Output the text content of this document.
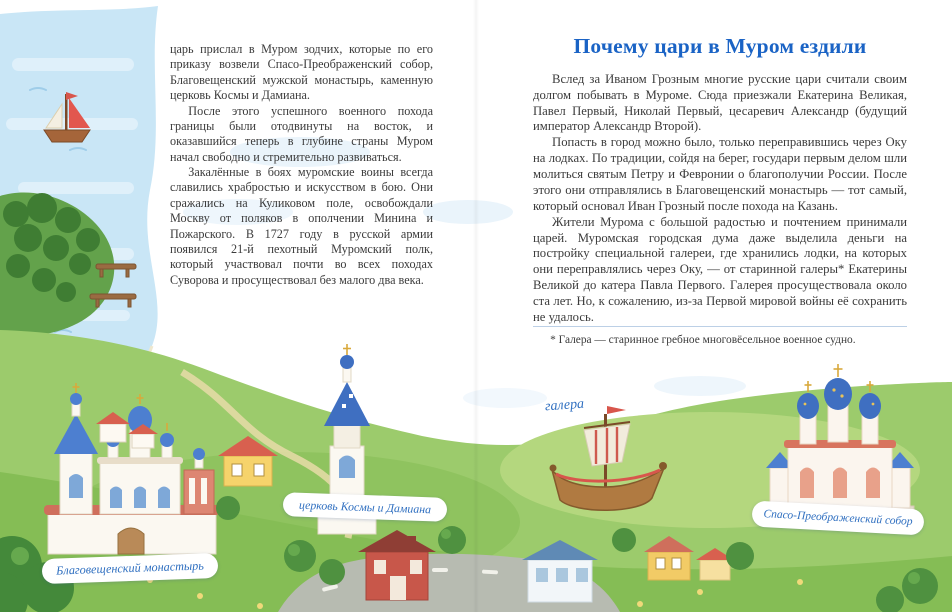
царь прислал в Муром зодчих, которые по его приказу возвели Спасо-Преображенский собор, Благовещенский мужской монастырь, каменную церковь Космы и Дамиана.

После этого успешного военного похода границы были отодвинуты на восток, и оказавшийся теперь в глубине страны Муром начал свободно и стремительно развиваться.

Закалённые в боях муромские воины всегда славились храбростью и искусством в бою. Они сражались на Куликовом поле, освобождали Москву от поляков в ополчении Минина и Пожарского. В 1727 году в русской армии появился 21-й пехотный Муромский полк, который участвовал почти во всех походах Суворова и просуществовал без малого два века.

Почему цари в Муром ездили

Вслед за Иваном Грозным многие русские цари считали своим долгом побывать в Муроме. Сюда приезжали Екатерина Великая, Павел Первый, Николай Первый, цесаревич Александр (будущий император Александр Второй).

Попасть в город можно было, только переправившись через Оку на лодках. По традиции, сойдя на берег, государи первым делом шли молиться святым Петру и Февронии о благополучии России. После этого они отправлялись в Благовещенский монастырь — тот самый, который основал Иван Грозный после похода на Казань.

Жители Мурома с большой радостью и почтением принимали царей. Муромская городская дума даже выделила деньги на постройку специальной галереи, где хранились лодки, на которых они переправлялись через Оку, — от старинной галеры* Екатерины Великой до катера Павла Первого. Галерея просуществовала около ста лет. Но, к сожалению, из-за Первой мировой войны её сохранить не удалось.

* Галера — старинное гребное многовёсельное военное судно.

Благовещенский монастырь
церковь Космы и Дамиана
Спасо-Преображенский собор
галера
